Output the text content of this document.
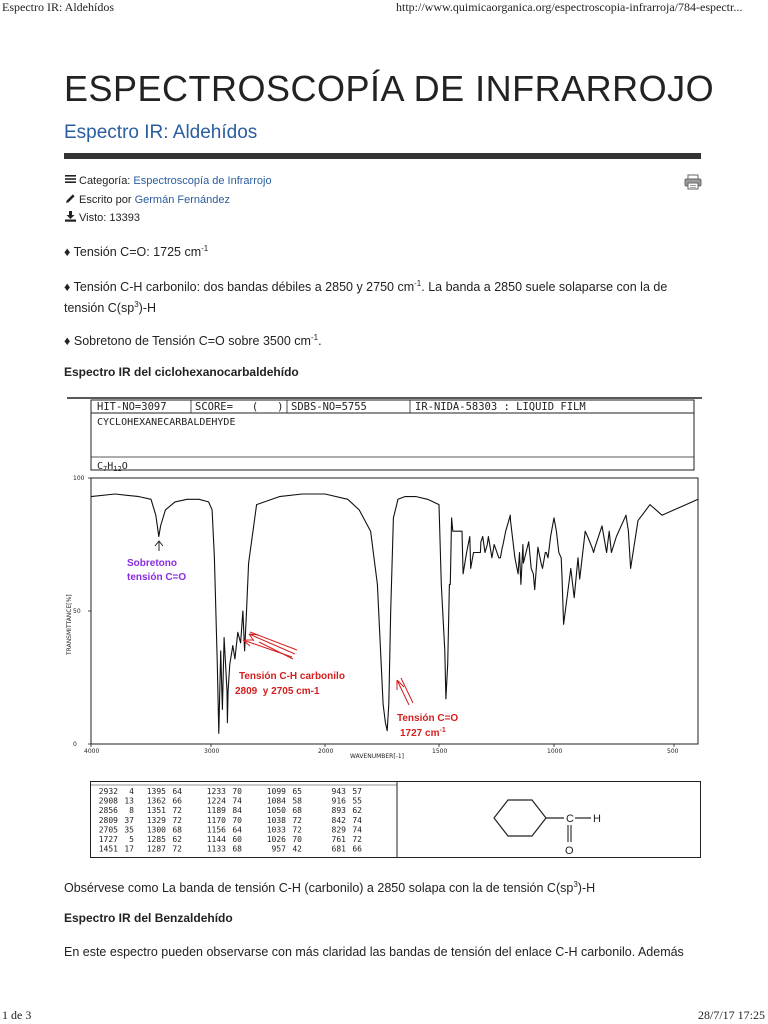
Espectro IR: Aldehídos	http://www.quimicaorganica.org/espectroscopia-infrarroja/784-espectr...
1 de 3	28/7/17 17:25
ESPECTROSCOPÍA DE INFRARROJO
Espectro IR: Aldehídos
Categoría: Espectroscopía de Infrarrojo
Escrito por Germán Fernández
Visto: 13393

♦ Tensión C=O: 1725 $cm^{-1}$

♦ Tensión C-H carbonilo: dos bandas débiles a 2850 y 2750 $cm^{-1}$. La banda a 2850 suele solaparse con la de
tensión $C(sp^3)-H$

♦ Sobretono de Tensión C=O sobre 3500 $cm^{-1}$.

Espectro IR del ciclohexanocarbaldehído

HIT-NO=3097	SCORE=   (   ) SDBS-NO=5755	IR-NIDA-58303 : LIQUID FILM
CYCLOHEXANECARBALDEHYDE
$C_7H_{12}O$
100
50
0
4000	3000	2000	1500	1000	500
TRANSMITTANCE[%]
WAVENUMBER[-1]
Sobretono
tensión C=O
Tensión C-H carbonilo
2809  y 2705 cm-1
Tensión C=O
1727 $cm^{-1}$
2932 4 1395 64	1233 70	1099 65	943 57
2908 13 1362 66	1224 74	1084 58	916 55
2856 8 1351 72	1189 84	1050 68	893 62
2809 37 1329 72	1170 70	1038 72	842 74
2705 35 1300 68	1156 64	1033 72	829 74
1727 5 1285 62	1144 60	1026 70	761 72
1451 17 1287 72	1133 68	957 42	681 66
C H
O

Obsérvese como La banda de tensión C-H (carbonilo) a 2850 solapa con la de tensión $C(sp^3)-H$

Espectro IR del Benzaldehído

En este espectro pueden observarse con más claridad las bandas de tensión del enlace C-H carbonilo. Además
